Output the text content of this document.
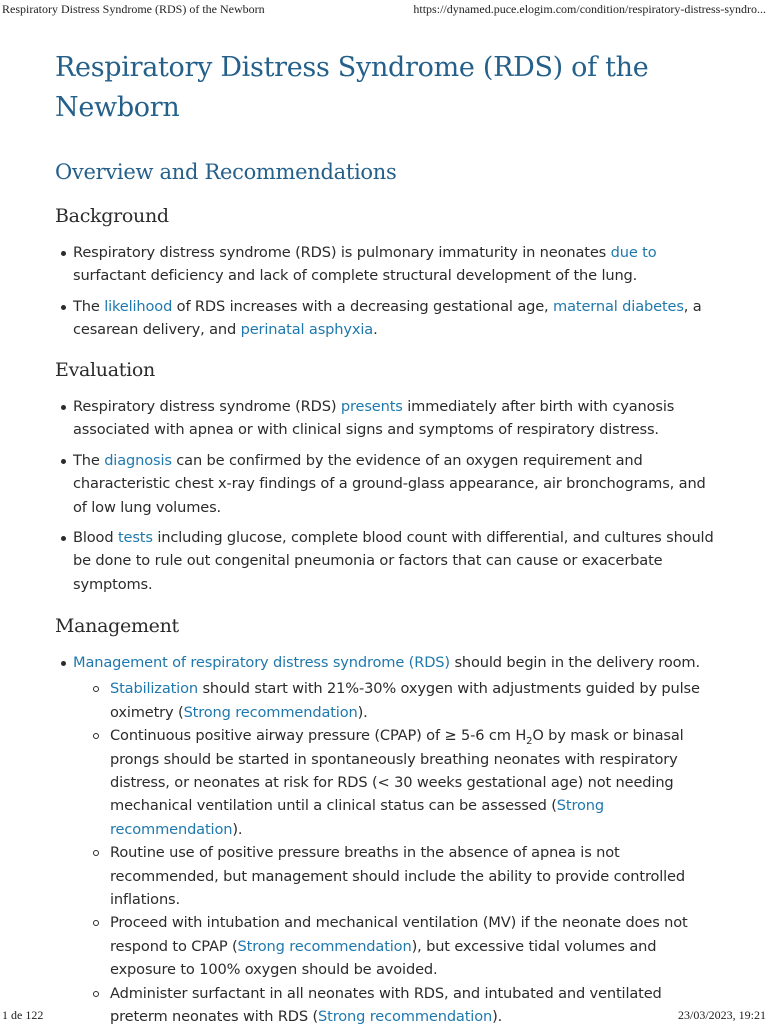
Respiratory Distress Syndrome (RDS) of the Newborn	https://dynamed.puce.elogim.com/condition/respiratory-distress-syndro...
Respiratory Distress Syndrome (RDS) of the Newborn
Overview and Recommendations
Background
Respiratory distress syndrome (RDS) is pulmonary immaturity in neonates due to surfactant deficiency and lack of complete structural development of the lung.
The likelihood of RDS increases with a decreasing gestational age, maternal diabetes, a cesarean delivery, and perinatal asphyxia.
Evaluation
Respiratory distress syndrome (RDS) presents immediately after birth with cyanosis associated with apnea or with clinical signs and symptoms of respiratory distress.
The diagnosis can be confirmed by the evidence of an oxygen requirement and characteristic chest x-ray findings of a ground-glass appearance, air bronchograms, and of low lung volumes.
Blood tests including glucose, complete blood count with differential, and cultures should be done to rule out congenital pneumonia or factors that can cause or exacerbate symptoms.
Management
Management of respiratory distress syndrome (RDS) should begin in the delivery room.
Stabilization should start with 21%-30% oxygen with adjustments guided by pulse oximetry (Strong recommendation).
Continuous positive airway pressure (CPAP) of ≥ 5-6 cm $H_2O$ by mask or binasal prongs should be started in spontaneously breathing neonates with respiratory distress, or neonates at risk for RDS (< 30 weeks gestational age) not needing mechanical ventilation until a clinical status can be assessed (Strong recommendation).
Routine use of positive pressure breaths in the absence of apnea is not recommended, but management should include the ability to provide controlled inflations.
Proceed with intubation and mechanical ventilation (MV) if the neonate does not respond to CPAP (Strong recommendation), but excessive tidal volumes and exposure to 100% oxygen should be avoided.
Administer surfactant in all neonates with RDS, and intubated and ventilated preterm neonates with RDS (Strong recommendation).
1 de 122	23/03/2023, 19:21
